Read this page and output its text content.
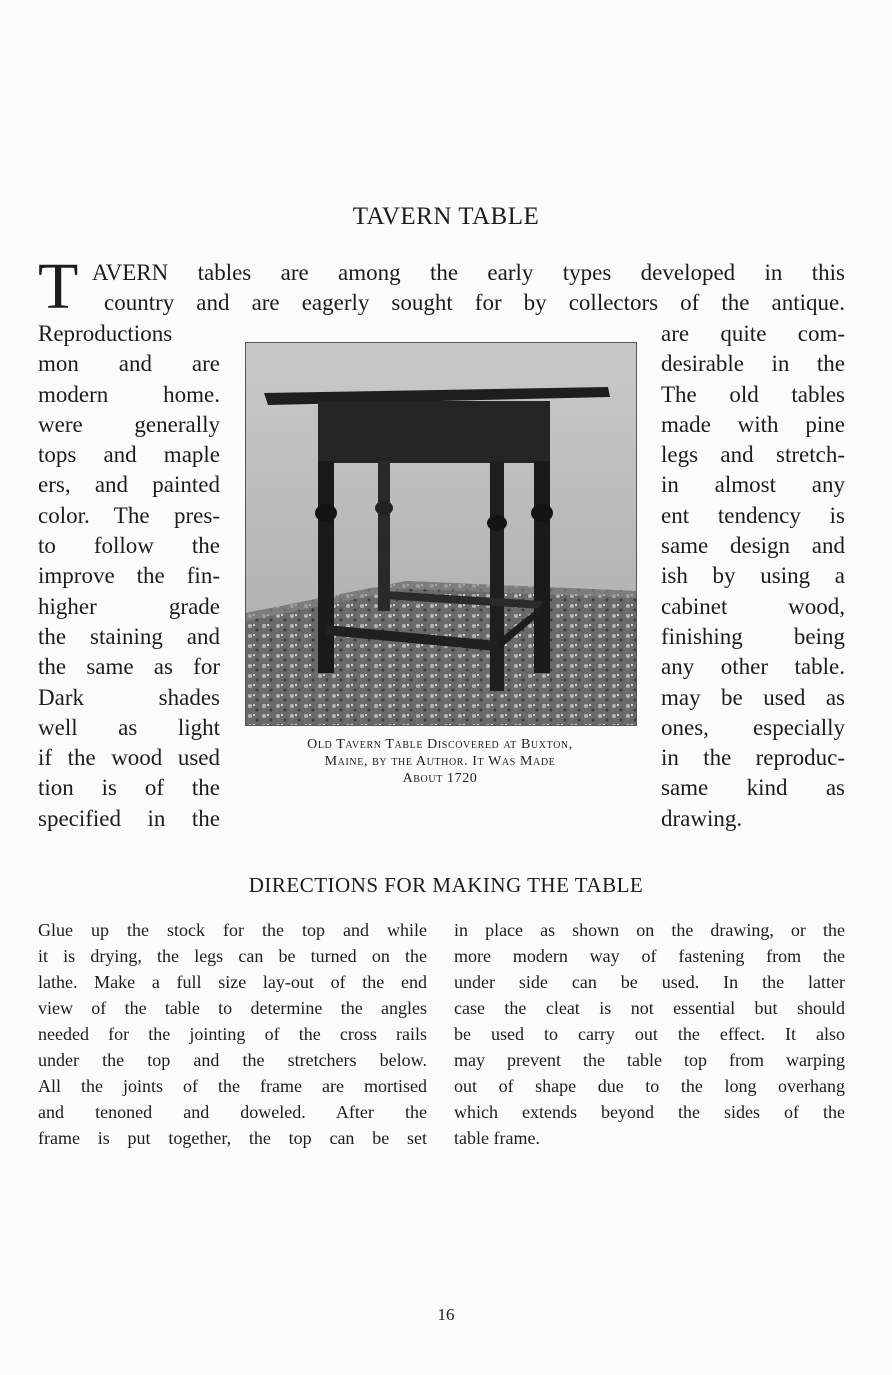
TAVERN TABLE
T AVERN tables are among the early types developed in this
country and are eagerly sought for by collectors of the antique.
Reproductions
mon and are
modern home.
were generally
tops and maple
ers, and painted
color. The pres-
to follow the
improve the fin-
higher grade
the staining and
the same as for
Dark shades
well as light
if the wood used
tion is of the
specified in the
Old Tavern Table Discovered at Buxton,
Maine, by the Author. It Was Made
About 1720
are quite com-
desirable in the
The old tables
made with pine
legs and stretch-
in almost any
ent tendency is
same design and
ish by using a
cabinet wood,
finishing being
any other table.
may be used as
ones, especially
in the reproduc-
same kind as
drawing.
DIRECTIONS FOR MAKING THE TABLE
Glue up the stock for the top and while
it is drying, the legs can be turned on the
lathe. Make a full size lay-out of the end
view of the table to determine the angles
needed for the jointing of the cross rails
under the top and the stretchers below.
All the joints of the frame are mortised
and tenoned and doweled. After the
frame is put together, the top can be set
in place as shown on the drawing, or the
more modern way of fastening from the
under side can be used. In the latter
case the cleat is not essential but should
be used to carry out the effect. It also
may prevent the table top from warping
out of shape due to the long overhang
which extends beyond the sides of the
table frame.
16
